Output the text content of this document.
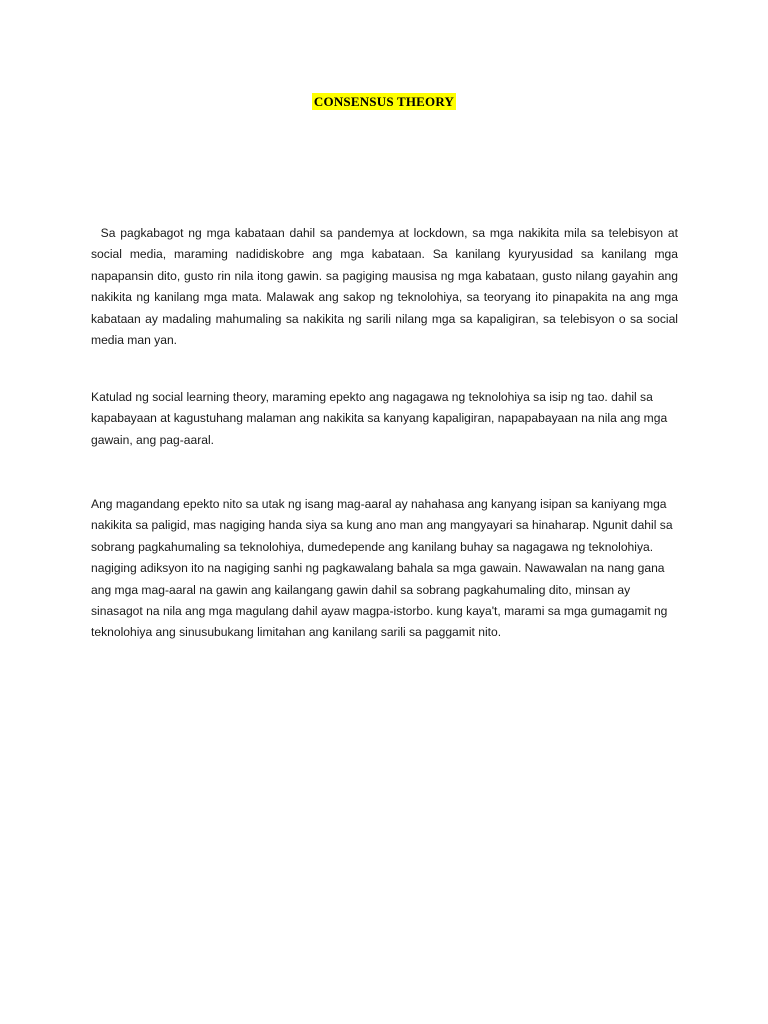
CONSENSUS THEORY

Sa pagkabagot ng mga kabataan dahil sa pandemya at lockdown, sa mga nakikita mila sa telebisyon at social media, maraming nadidiskobre ang mga kabataan. Sa kanilang kyuryusidad sa kanilang mga napapansin dito, gusto rin nila itong gawin. sa pagiging mausisa ng mga kabataan, gusto nilang gayahin ang nakikita ng kanilang mga mata. Malawak ang sakop ng teknolohiya, sa teoryang ito pinapakita na ang mga kabataan ay madaling mahumaling sa nakikita ng sarili nilang mga sa kapaligiran, sa telebisyon o sa social media man yan.

Katulad ng social learning theory, maraming epekto ang nagagawa ng teknolohiya sa isip ng tao. dahil sa kapabayaan at kagustuhang malaman ang nakikita sa kanyang kapaligiran, napapabayaan na nila ang mga gawain, ang pag-aaral.

Ang magandang epekto nito sa utak ng isang mag-aaral ay nahahasa ang kanyang isipan sa kaniyang mga nakikita sa paligid, mas nagiging handa siya sa kung ano man ang mangyayari sa hinaharap. Ngunit dahil sa sobrang pagkahumaling sa teknolohiya, dumedepende ang kanilang buhay sa nagagawa ng teknolohiya. nagiging adiksyon ito na nagiging sanhi ng pagkawalang bahala sa mga gawain. Nawawalan na nang gana ang mga mag-aaral na gawin ang kailangang gawin dahil sa sobrang pagkahumaling dito, minsan ay sinasagot na nila ang mga magulang dahil ayaw magpa-istorbo. kung kaya't, marami sa mga gumagamit ng teknolohiya ang sinusubukang limitahan ang kanilang sarili sa paggamit nito.
